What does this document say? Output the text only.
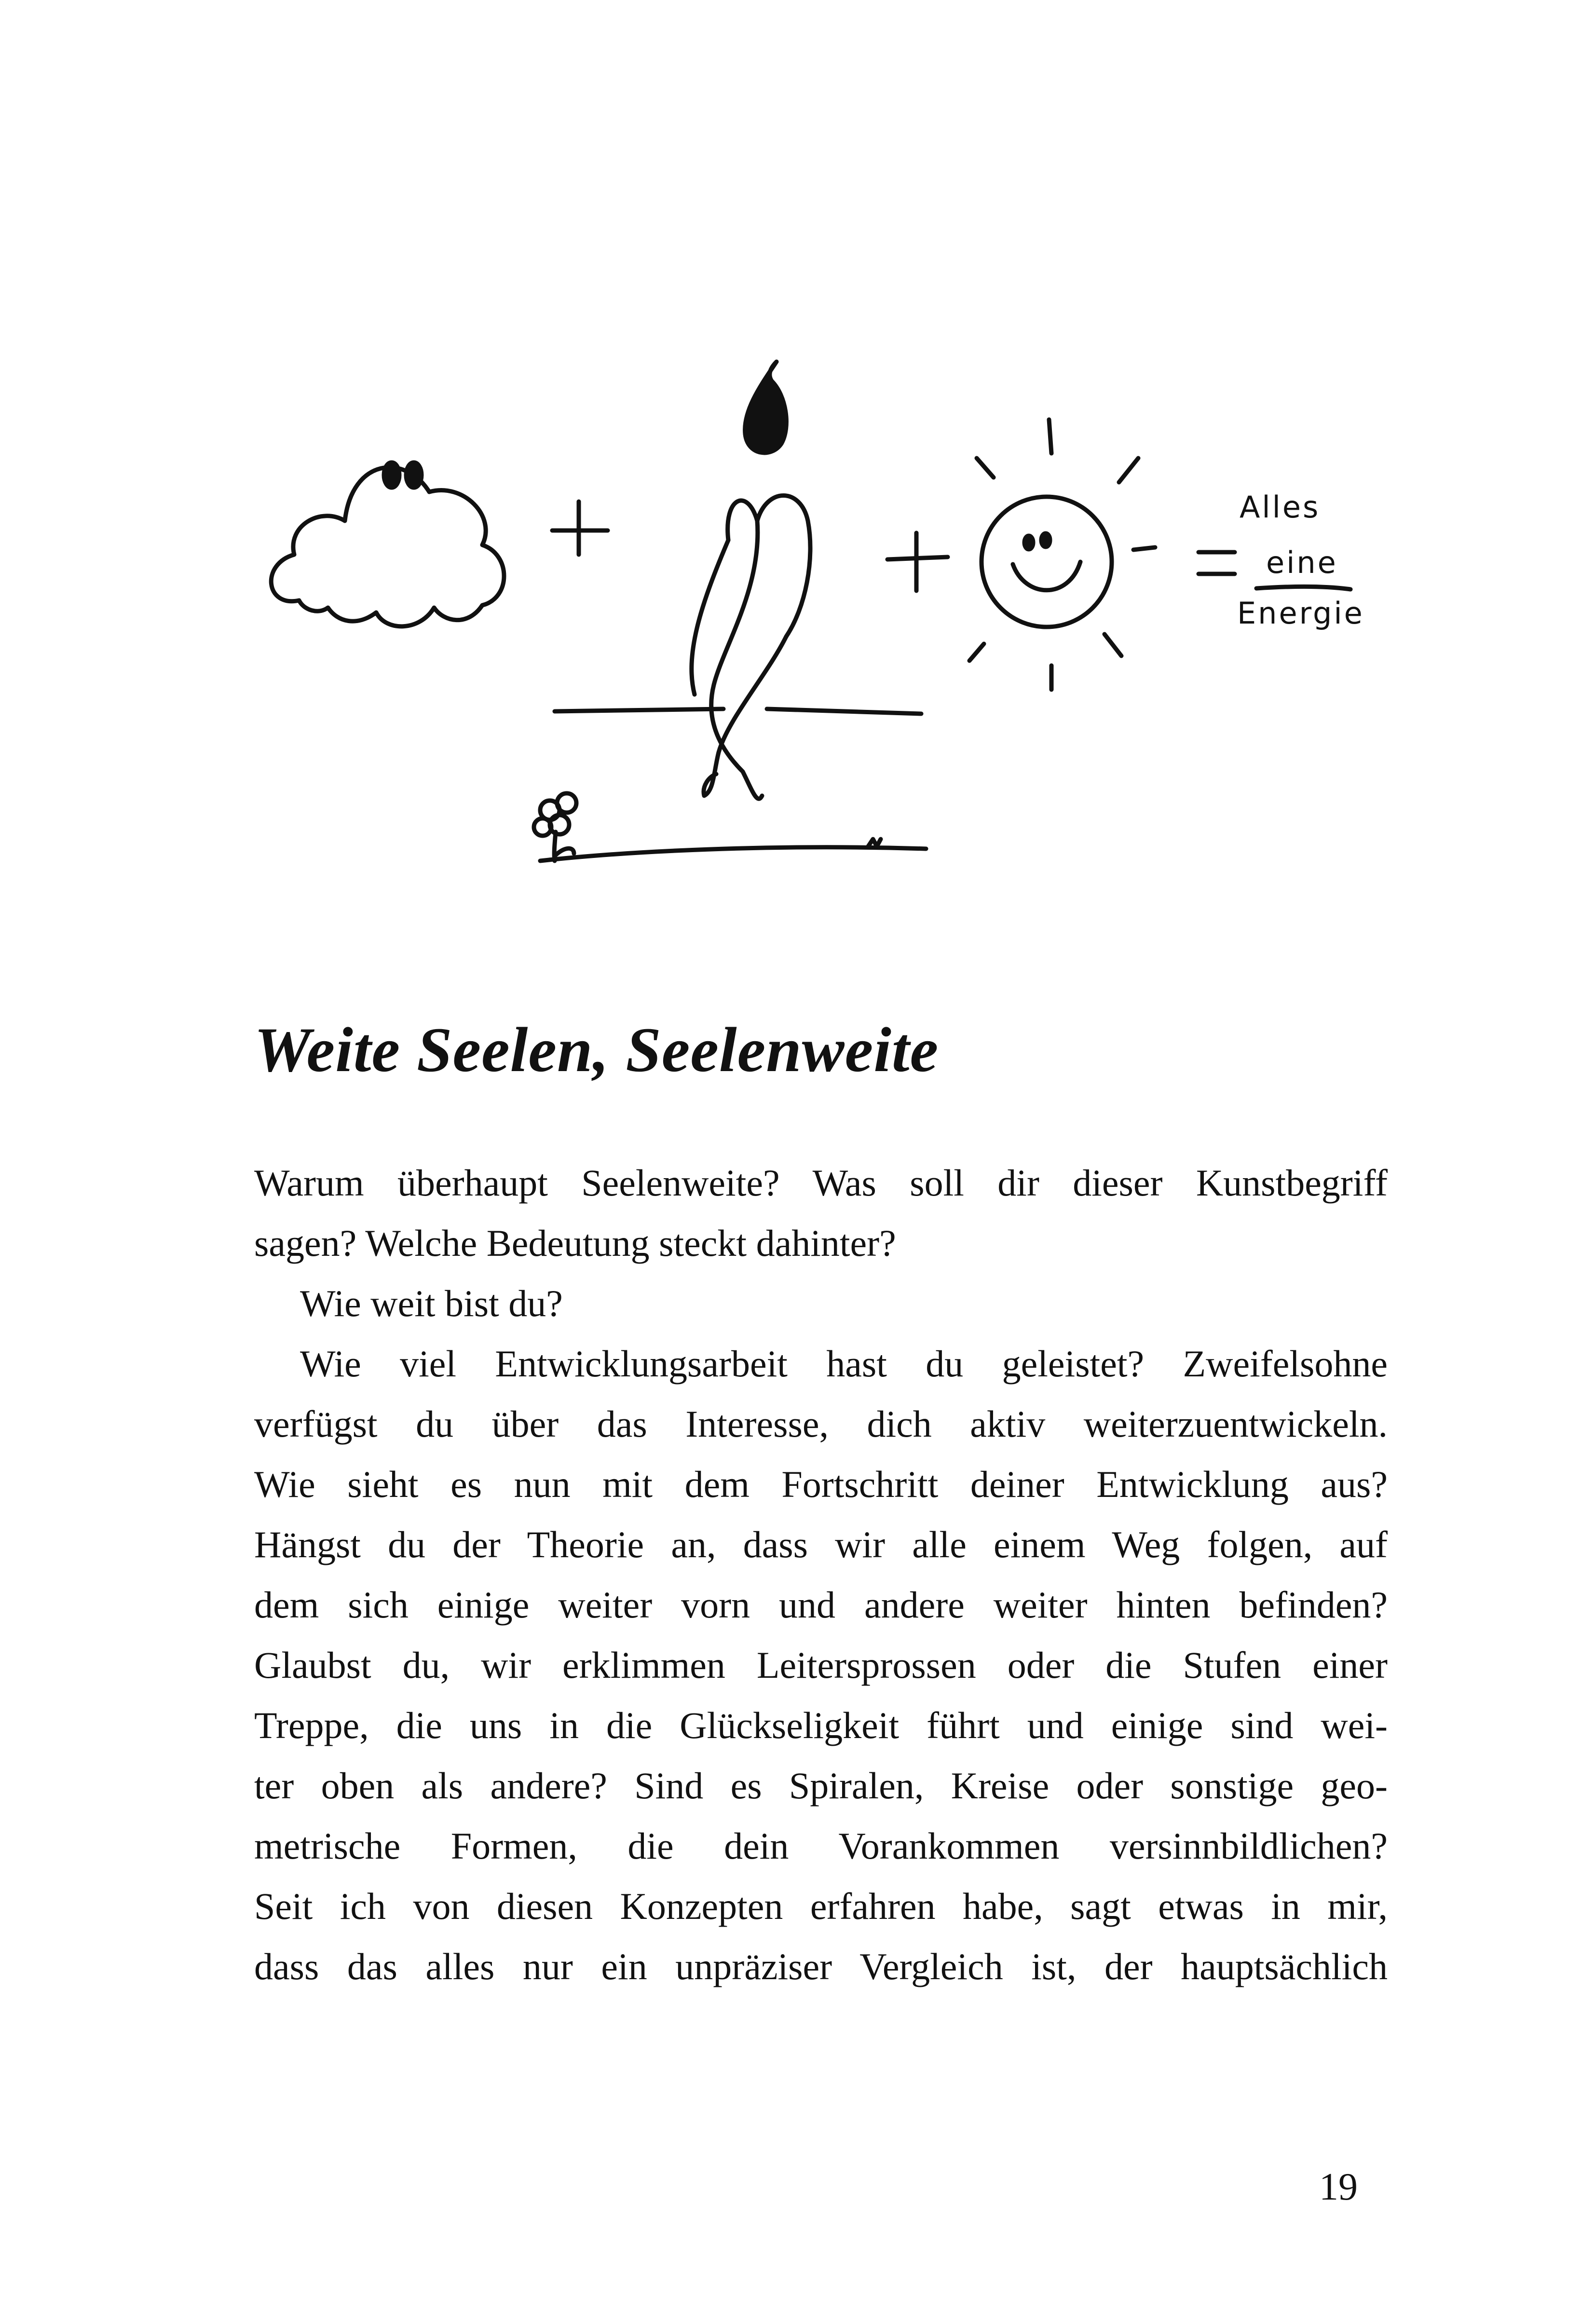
Alles
eine
Energie
Weite Seelen, Seelenweite
Warum überhaupt Seelenweite? Was soll dir dieser Kunstbegriff
sagen? Welche Bedeutung steckt dahinter?
Wie weit bist du?
Wie viel Entwicklungsarbeit hast du geleistet? Zweifelsohne
verfügst du über das Interesse, dich aktiv weiterzuentwickeln.
Wie sieht es nun mit dem Fortschritt deiner Entwicklung aus?
Hängst du der Theorie an, dass wir alle einem Weg folgen, auf
dem sich einige weiter vorn und andere weiter hinten befinden?
Glaubst du, wir erklimmen Leitersprossen oder die Stufen einer
Treppe, die uns in die Glückseligkeit führt und einige sind wei-
ter oben als andere? Sind es Spiralen, Kreise oder sonstige geo-
metrische Formen, die dein Vorankommen versinnbildlichen?
Seit ich von diesen Konzepten erfahren habe, sagt etwas in mir,
dass das alles nur ein unpräziser Vergleich ist, der hauptsächlich
19
